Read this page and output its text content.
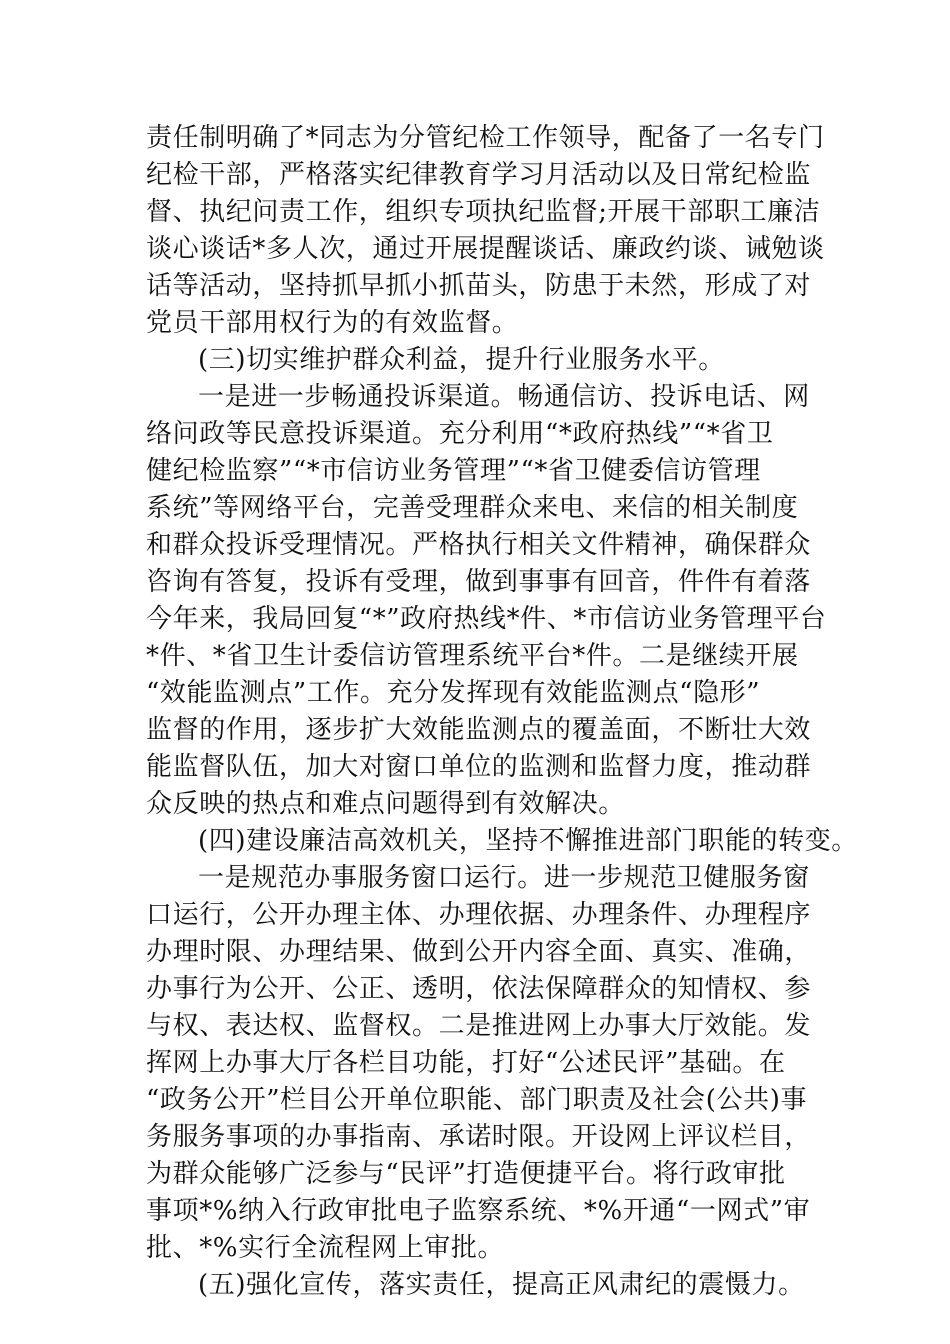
责任制明确了*同志为分管纪检工作领导，配备了一名专门
纪检干部，严格落实纪律教育学习月活动以及日常纪检监
督、执纪问责工作，组织专项执纪监督;开展干部职工廉洁
谈心谈话*多人次，通过开展提醒谈话、廉政约谈、诫勉谈
话等活动，坚持抓早抓小抓苗头，防患于未然，形成了对
党员干部用权行为的有效监督。
(三)切实维护群众利益，提升行业服务水平。
一是进一步畅通投诉渠道。畅通信访、投诉电话、网
络问政等民意投诉渠道。充分利用“*政府热线”“*省卫
健纪检监察”“*市信访业务管理”“*省卫健委信访管理
系统”等网络平台，完善受理群众来电、来信的相关制度
和群众投诉受理情况。严格执行相关文件精神，确保群众
咨询有答复，投诉有受理，做到事事有回音，件件有着落
今年来，我局回复“*”政府热线*件、*市信访业务管理平台
*件、*省卫生计委信访管理系统平台*件。二是继续开展
“效能监测点”工作。充分发挥现有效能监测点“隐形”
监督的作用，逐步扩大效能监测点的覆盖面，不断壮大效
能监督队伍，加大对窗口单位的监测和监督力度，推动群
众反映的热点和难点问题得到有效解决。
(四)建设廉洁高效机关，坚持不懈推进部门职能的转变。
一是规范办事服务窗口运行。进一步规范卫健服务窗
口运行，公开办理主体、办理依据、办理条件、办理程序
办理时限、办理结果、做到公开内容全面、真实、准确，
办事行为公开、公正、透明，依法保障群众的知情权、参
与权、表达权、监督权。二是推进网上办事大厅效能。发
挥网上办事大厅各栏目功能，打好“公述民评”基础。在
“政务公开”栏目公开单位职能、部门职责及社会(公共)事
务服务事项的办事指南、承诺时限。开设网上评议栏目，
为群众能够广泛参与“民评”打造便捷平台。将行政审批
事项*%纳入行政审批电子监察系统、*%开通“一网式”审
批、*%实行全流程网上审批。
(五)强化宣传，落实责任，提高正风肃纪的震慑力。
